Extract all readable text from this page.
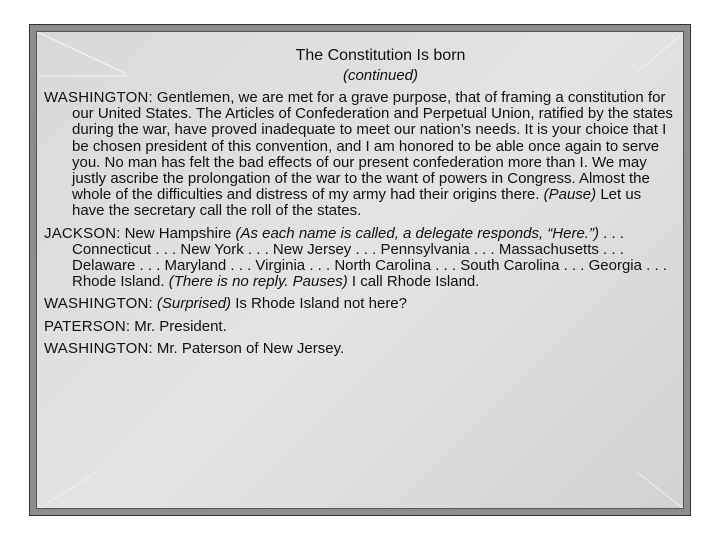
The Constitution Is born
(continued)
WASHINGTON: Gentlemen, we are met for a grave purpose, that of framing a constitution for our United States. The Articles of Confederation and Perpetual Union, ratified by the states during the war, have proved inadequate to meet our nation’s needs. It is your choice that I be chosen president of this convention, and I am honored to be able once again to serve you. No man has felt the bad effects of our present confederation more than I. We may justly ascribe the prolongation of the war to the want of powers in Congress. Almost the whole of the difficulties and distress of my army had their origins there. (Pause) Let us have the secretary call the roll of the states.
JACKSON: New Hampshire (As each name is called, a delegate responds, “Here.”) . . . Connecticut . . . New York . . . New Jersey . . . Pennsylvania . . . Massachusetts . . . Delaware . . . Maryland . . . Virginia . . . North Carolina . . . South Carolina . . . Georgia . . . Rhode Island. (There is no reply. Pauses) I call Rhode Island.
WASHINGTON: (Surprised) Is Rhode Island not here?
PATERSON: Mr. President.
WASHINGTON: Mr. Paterson of New Jersey.
